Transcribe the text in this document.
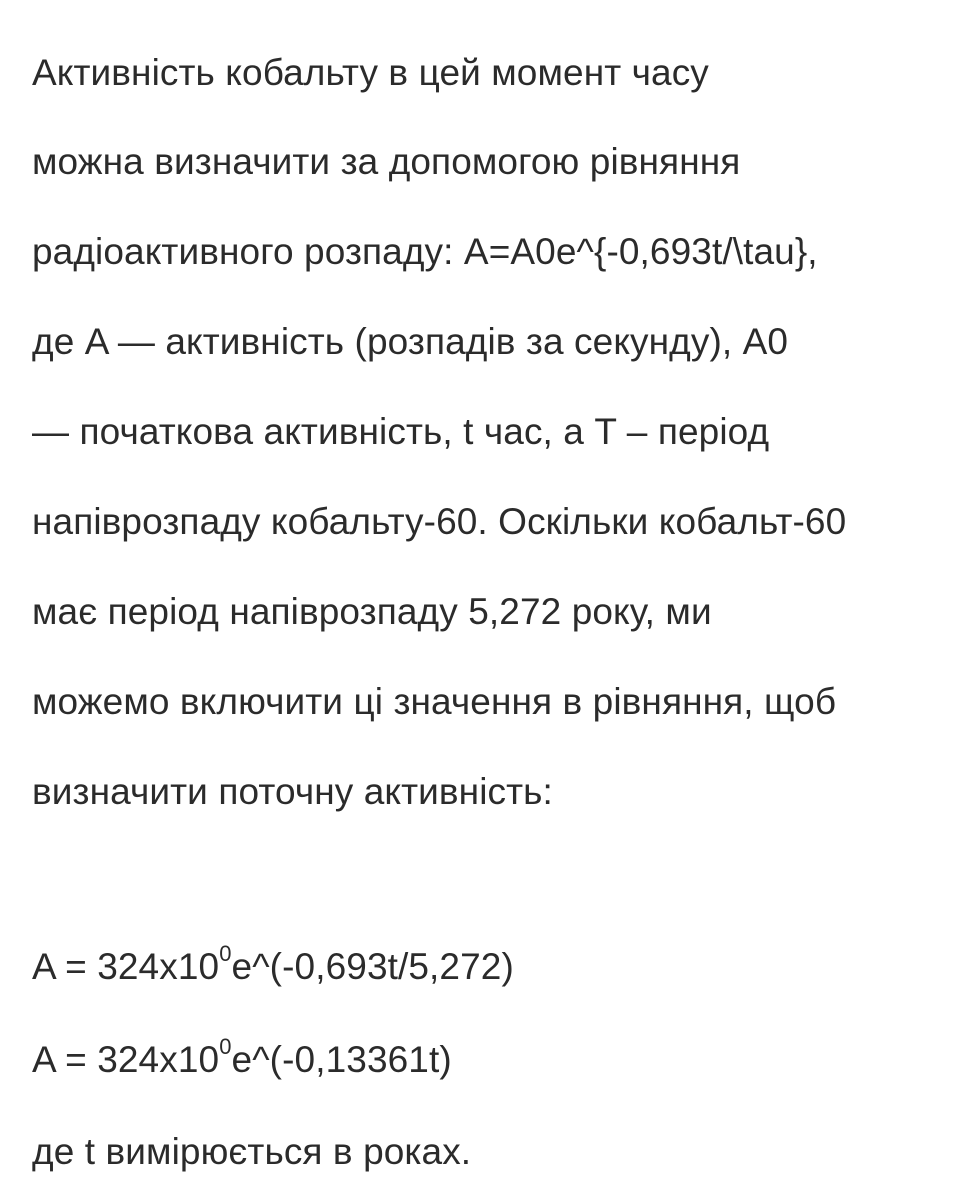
Активність кобальту в цей момент часу
можна визначити за допомогою рівняння
радіоактивного розпаду: A=A0e^{-0,693t/\tau},
де A — активність (розпадів за секунду), A0
— початкова активність, t час, а T – період
напіврозпаду кобальту-60. Оскільки кобальт-60
має період напіврозпаду 5,272 року, ми
можемо включити ці значення в рівняння, щоб
визначити поточну активність:
$A = 324x10^0e\^{}(-0,693t/5,272)$
$A = 324x10^0e\^{}(-0,13361t)$
де t вимірюється в роках.
